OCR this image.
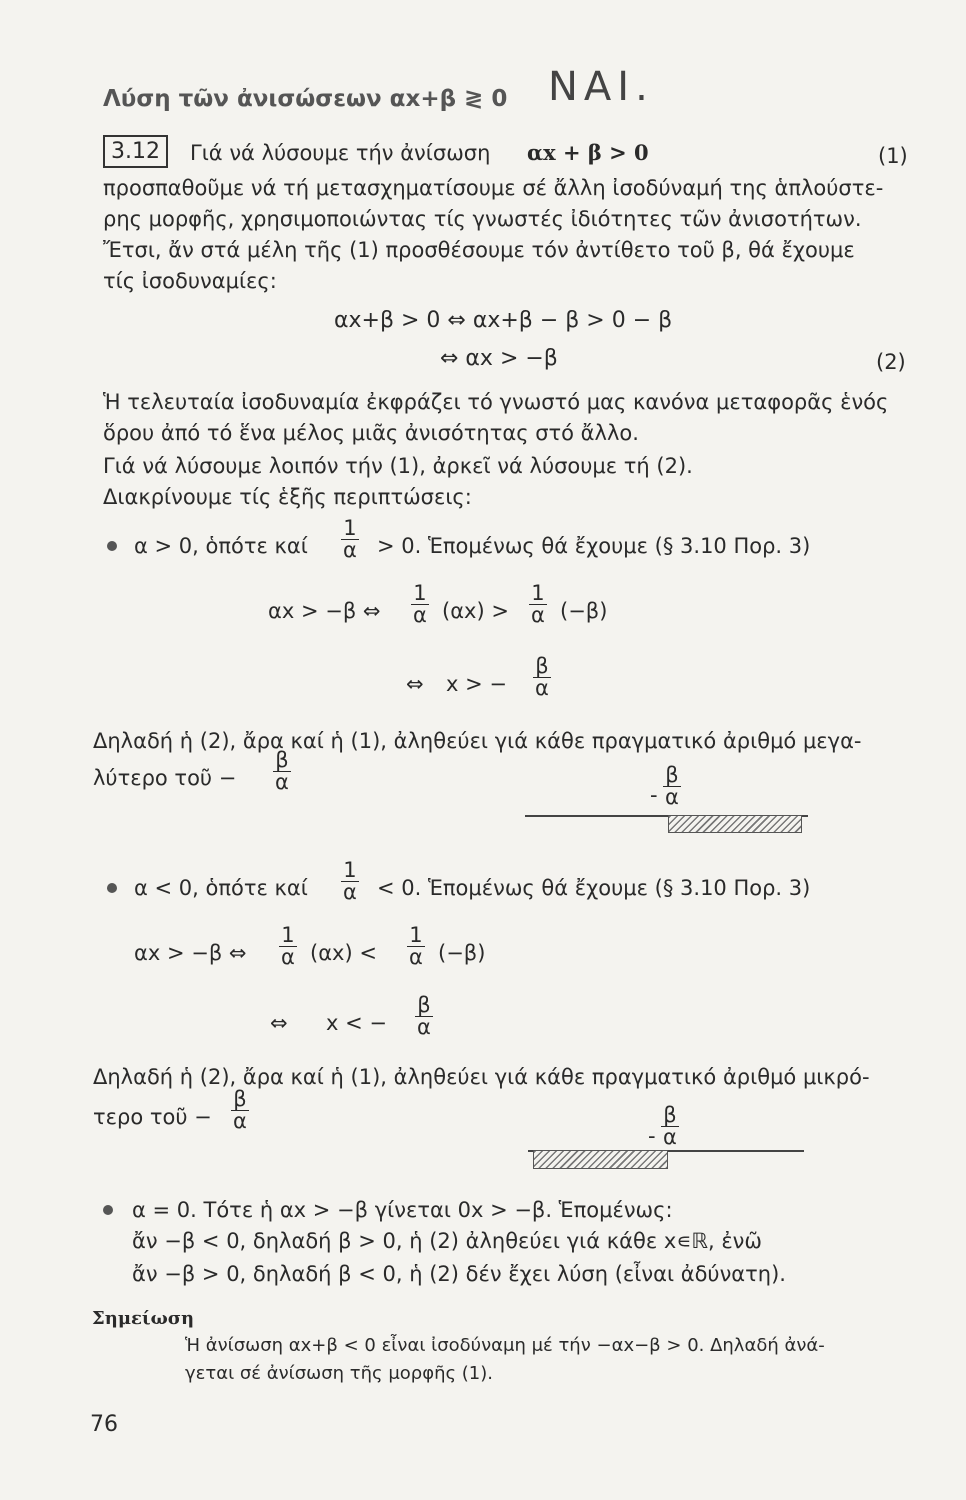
Λύση τῶν ἀνισώσεων αx+β ≷ 0 ΝΑΙ.
3.12	Γιά νά λύσουμε τήν ἀνίσωση αx + β > 0	(1)
προσπαθοῦμε νά τή μετασχηματίσουμε σέ ἄλλη ἰσοδύναμή της ἁπλούστε-
ρης μορφῆς, χρησιμοποιώντας τίς γνωστές ἰδιότητες τῶν ἀνισοτήτων.
Ἔτσι, ἄν στά μέλη τῆς (1) προσθέσουμε τόν ἀντίθετο τοῦ β, θά ἔχουμε
τίς ἰσοδυναμίες:
αx+β > 0 ⇔ αx+β − β > 0 − β
⇔ αx > −β	(2)
Ἡ τελευταία ἰσοδυναμία ἐκφράζει τό γνωστό μας κανόνα μεταφορᾶς ἑνός
ὅρου ἀπό τό ἕνα μέλος μιᾶς ἀνισότητας στό ἄλλο.
Γιά νά λύσουμε λοιπόν τήν (1), ἀρκεῖ νά λύσουμε τή (2).
Διακρίνουμε τίς ἑξῆς περιπτώσεις:
α > 0, ὁπότε καί $\frac{1}{\alpha} > 0$. Ἑπομένως θά ἔχουμε (§ 3.10 Πορ. 3)
αx > −β ⇔ $\frac{1}{\alpha} (\alpha x) > \frac{1}{\alpha} (-\beta)$
⇔ x > − $\frac{\beta}{\alpha}$
Δηλαδή ἡ (2), ἄρα καί ἡ (1), ἀληθεύει γιά κάθε πραγματικό ἀριθμό μεγα-
λύτερο τοῦ − $\frac{\beta}{\alpha}$
- $\frac{\beta}{\alpha}$
α < 0, ὁπότε καί $\frac{1}{\alpha} < 0$. Ἑπομένως θά ἔχουμε (§ 3.10 Πορ. 3)
αx > −β ⇔ $\frac{1}{\alpha} (\alpha x) < \frac{1}{\alpha} (-\beta)$
⇔ x < − $\frac{\beta}{\alpha}$
Δηλαδή ἡ (2), ἄρα καί ἡ (1), ἀληθεύει γιά κάθε πραγματικό ἀριθμό μικρό-
τερο τοῦ − $\frac{\beta}{\alpha}$
- $\frac{\beta}{\alpha}$
α = 0. Τότε ἡ αx > −β γίνεται 0x > −β. Ἑπομένως:
ἄν −β < 0, δηλαδή β > 0, ἡ (2) ἀληθεύει γιά κάθε x∊ℝ, ἐνῶ
ἄν −β > 0, δηλαδή β < 0, ἡ (2) δέν ἔχει λύση (εἶναι ἀδύνατη).
Σημείωση
Ἡ ἀνίσωση αx+β < 0 εἶναι ἰσοδύναμη μέ τήν −αx−β > 0. Δηλαδή ἀνά-
γεται σέ ἀνίσωση τῆς μορφῆς (1).
76
